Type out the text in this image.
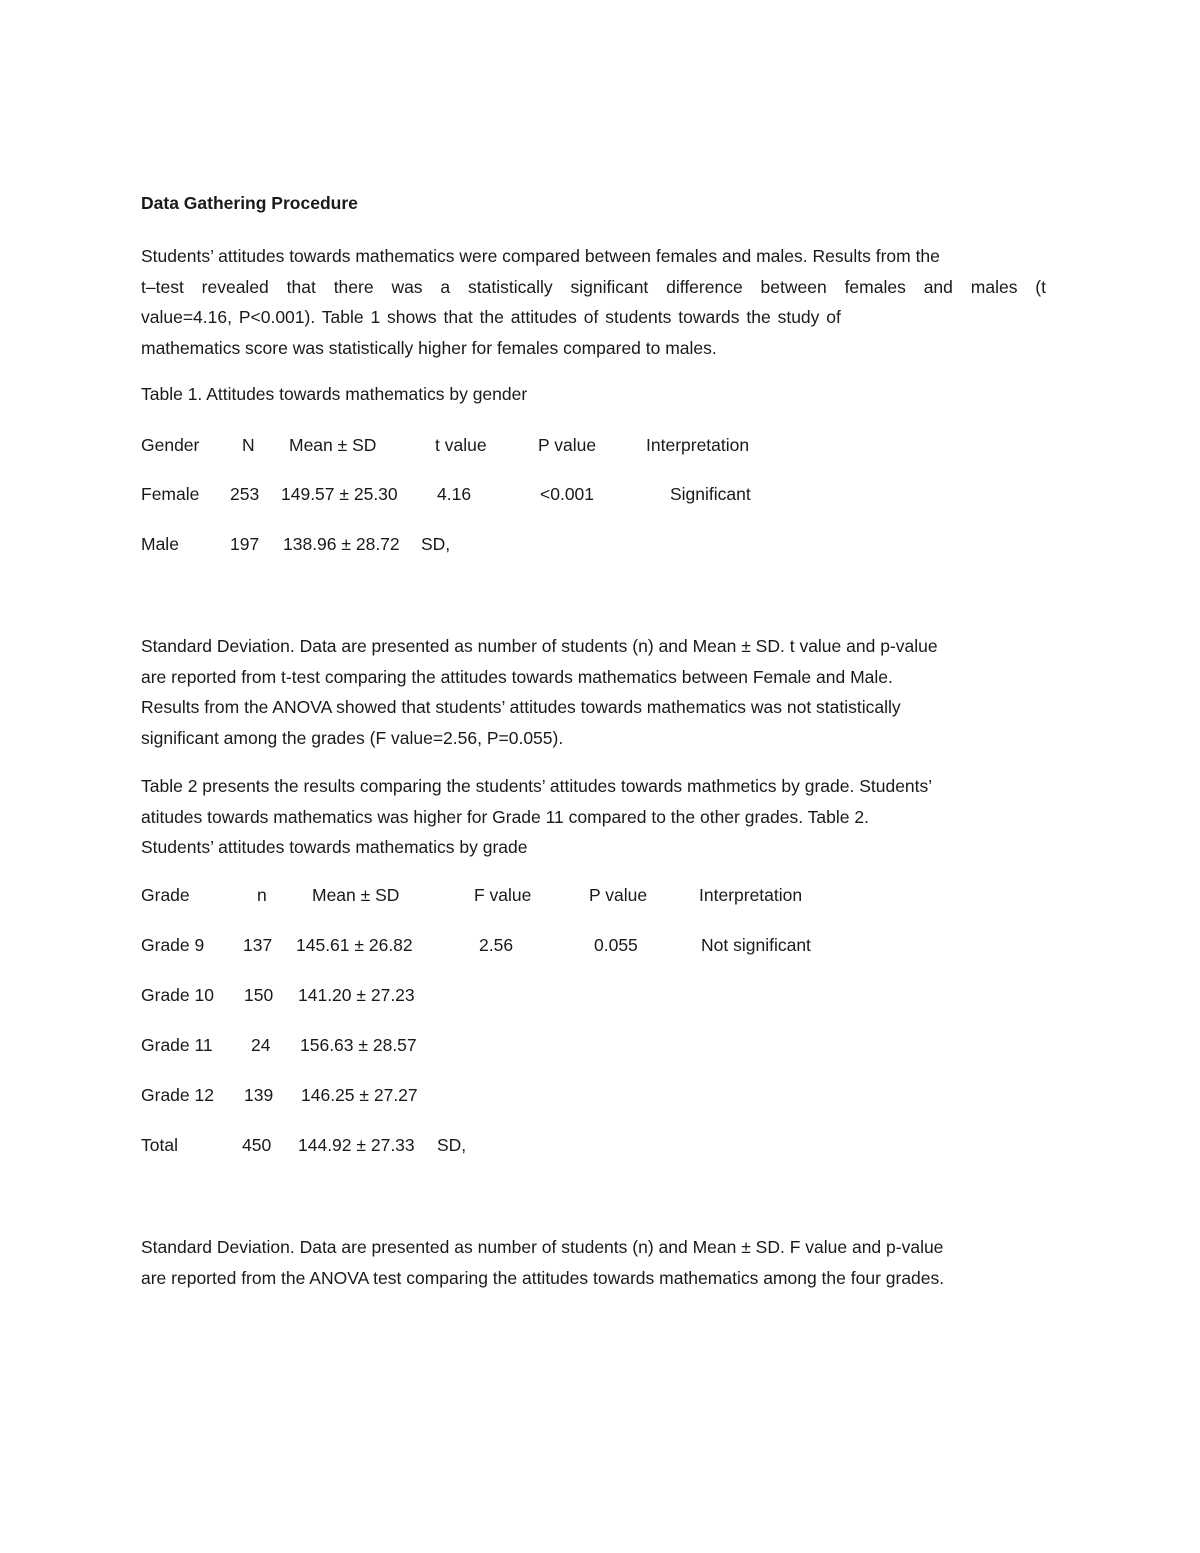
Data Gathering Procedure
Students’ attitudes towards mathematics were compared between females and males. Results from the
t–test revealed that there was a statistically significant difference between females and males (t
value=4.16, P<0.001). Table 1 shows that the attitudes of students towards the study of
mathematics score was statistically higher for females compared to males.
Table 1. Attitudes towards mathematics by gender
Gender N Mean ± SD	t value	P value	Interpretation
Female 253 149.57 ± 25.30 4.16	<0.001	Significant
Male	197 138.96 ± 28.72 SD,
Standard Deviation. Data are presented as number of students (n) and Mean ± SD. t value and p-value
are reported from t-test comparing the attitudes towards mathematics between Female and Male.
Results from the ANOVA showed that students’ attitudes towards mathematics was not statistically
significant among the grades (F value=2.56, P=0.055).
Table 2 presents the results comparing the students’ attitudes towards mathmetics by grade. Students’
atitudes towards mathematics was higher for Grade 11 compared to the other grades. Table 2.
Students’ attitudes towards mathematics by grade
Grade	n	Mean ± SD	F value	P value	Interpretation
Grade 9 137 145.61 ± 26.82	2.56	0.055	Not significant
Grade 10 150 141.20 ± 27.23
Grade 11 24 156.63 ± 28.57
Grade 12 139 146.25 ± 27.27
Total	450 144.92 ± 27.33 SD,
Standard Deviation. Data are presented as number of students (n) and Mean ± SD. F value and p-value
are reported from the ANOVA test comparing the attitudes towards mathematics among the four grades.
